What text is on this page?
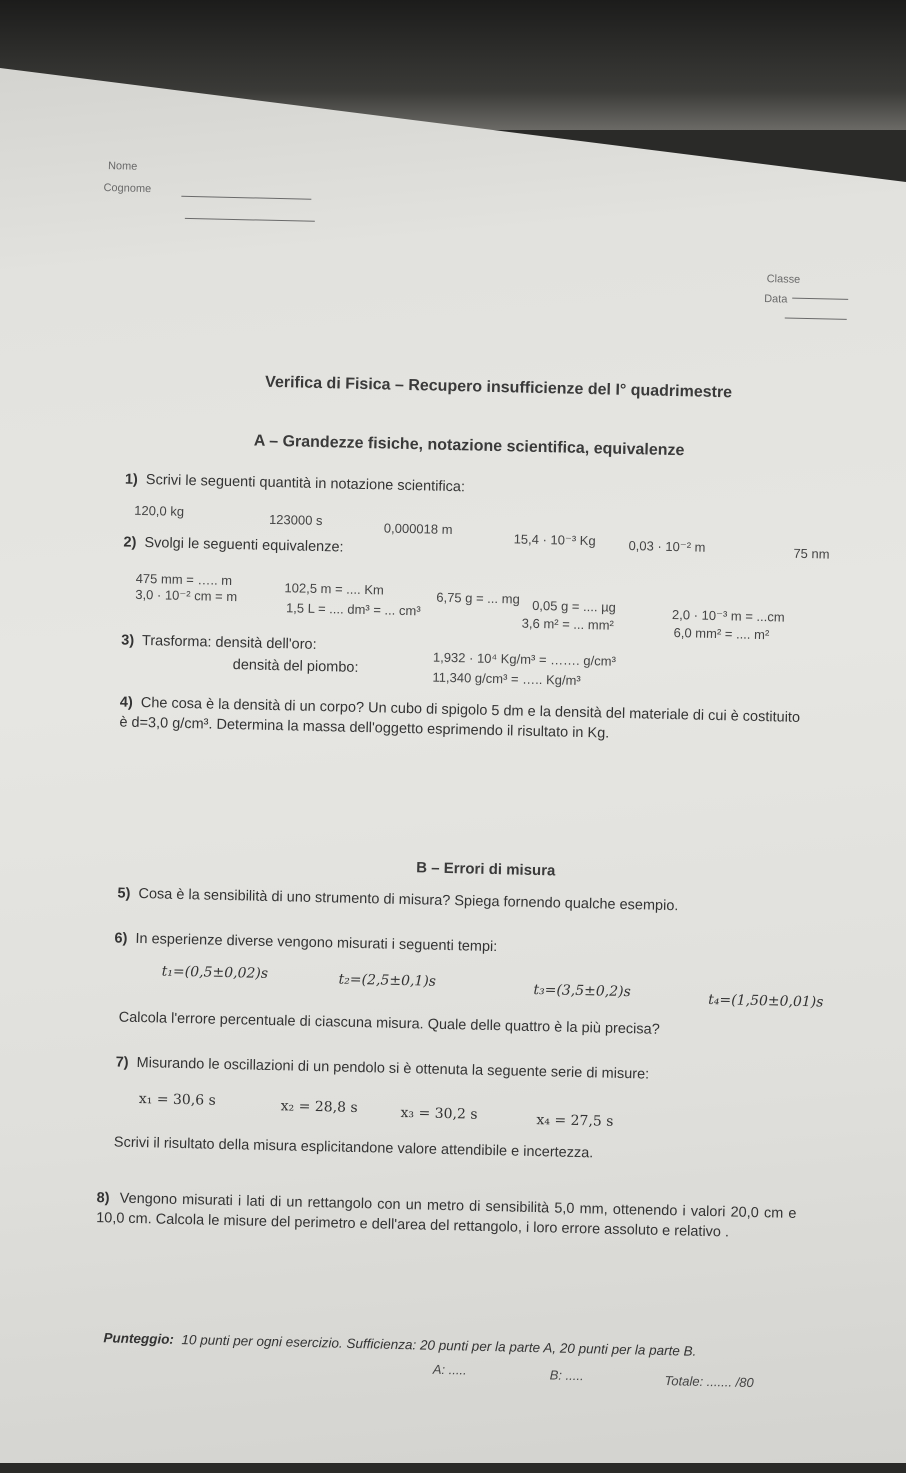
Nome
Cognome
Classe
Data
Verifica di Fisica – Recupero insufficienze del I° quadrimestre
A – Grandezze fisiche, notazione scientifica, equivalenze
1) Scrivi le seguenti quantità in notazione scientifica:
120,0 kg
123000 s
0,000018 m
15,4 · 10⁻³ Kg	0,03 · 10⁻² m	75 nm
2) Svolgi le seguenti equivalenze:
475 mm = ….. m
3,0 · 10⁻² cm = m	102,5 m = .... Km
1,5 L = .... dm³ = ... cm³
6,75 g = ... mg 0,05 g = .... µg
3,6 m² = ... mm²	2,0 · 10⁻³ m = ...cm
6,0 mm² = .... m²
3) Trasforma: densità dell'oro:
1,932 · 10⁴ Kg/m³ = ……. g/cm³
densità del piombo:
11,340 g/cm³ = ….. Kg/m³
4) Che cosa è la densità di un corpo? Un cubo di spigolo 5 dm e la densità del materiale di cui è costituito è d=3,0 g/cm³. Determina la massa dell'oggetto esprimendo il risultato in Kg.
B – Errori di misura
5) Cosa è la sensibilità di uno strumento di misura? Spiega fornendo qualche esempio.
6) In esperienze diverse vengono misurati i seguenti tempi:
t₁=(0,5±0,02)s	t₂=(2,5±0,1)s
t₃=(3,5±0,2)s
t₄=(1,50±0,01)s
Calcola l'errore percentuale di ciascuna misura. Quale delle quattro è la più precisa?
7) Misurando le oscillazioni di un pendolo si è ottenuta la seguente serie di misure:
x₁ = 30,6 s	x₂ = 28,8 s	x₃ = 30,2 s	x₄ = 27,5 s
Scrivi il risultato della misura esplicitandone valore attendibile e incertezza.
8) Vengono misurati i lati di un rettangolo con un metro di sensibilità 5,0 mm, ottenendo i valori 20,0 cm e 10,0 cm. Calcola le misure del perimetro e dell'area del rettangolo, i loro errore assoluto e relativo .
Punteggio: 10 punti per ogni esercizio. Sufficienza: 20 punti per la parte A, 20 punti per la parte B.
A: .....	B: .....	Totale: ....... /80
